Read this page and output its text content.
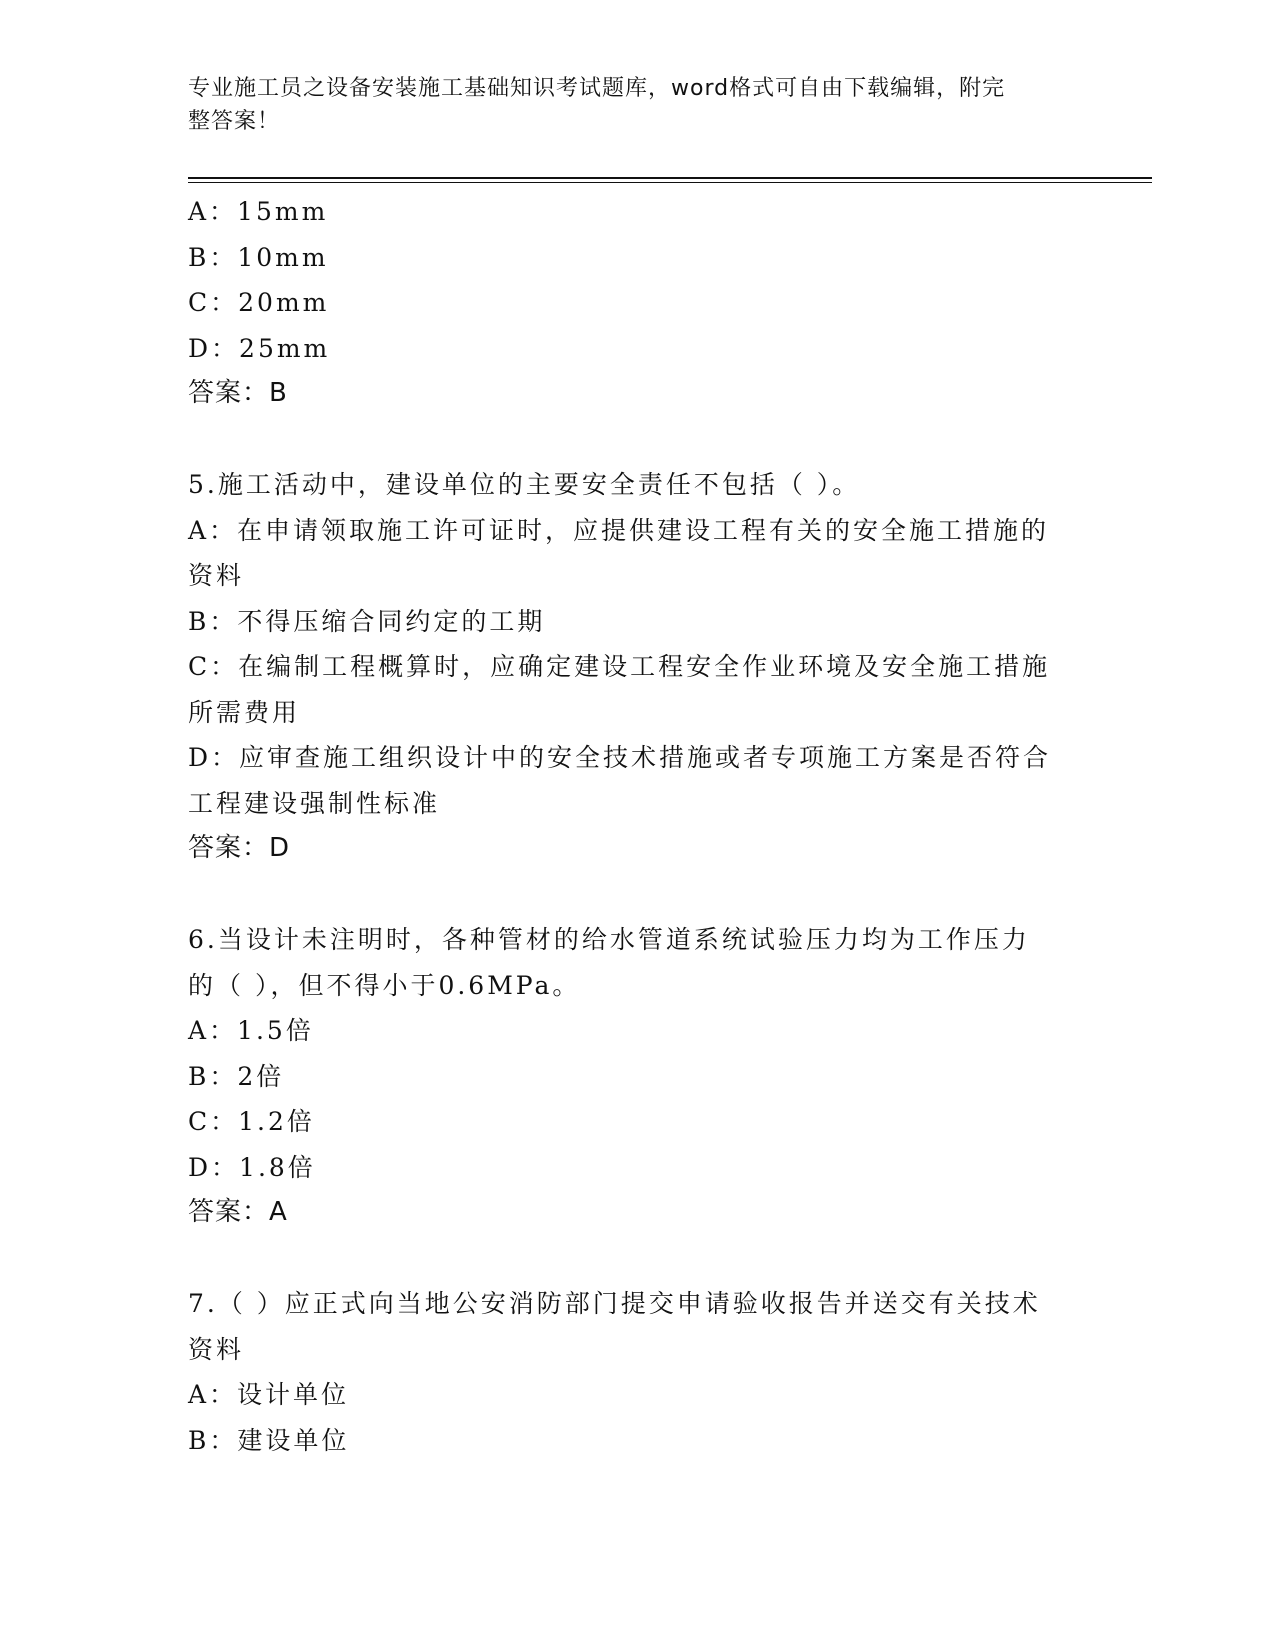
专业施工员之设备安装施工基础知识考试题库，word格式可自由下载编辑，附完
整答案！
A：15mm
B：10mm
C：20mm
D：25mm
答案：B
5.施工活动中，建设单位的主要安全责任不包括（ ）。
A：在申请领取施工许可证时，应提供建设工程有关的安全施工措施的
资料
B：不得压缩合同约定的工期
C：在编制工程概算时，应确定建设工程安全作业环境及安全施工措施
所需费用
D：应审查施工组织设计中的安全技术措施或者专项施工方案是否符合
工程建设强制性标准
答案：D
6.当设计未注明时，各种管材的给水管道系统试验压力均为工作压力
的（ ），但不得小于0.6MPa。
A：1.5倍
B：2倍
C：1.2倍
D：1.8倍
答案：A
7.（ ）应正式向当地公安消防部门提交申请验收报告并送交有关技术
资料
A：设计单位
B：建设单位
